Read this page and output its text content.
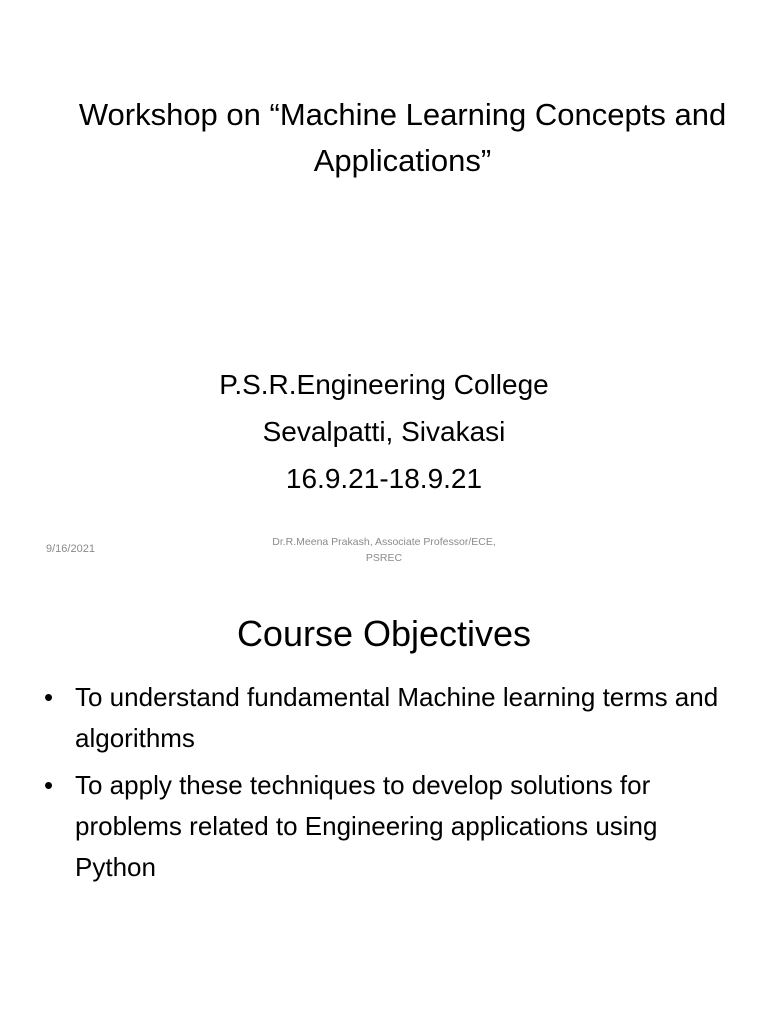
Workshop on “Machine Learning Concepts and Applications”
P.S.R.Engineering College
Sevalpatti, Sivakasi
16.9.21-18.9.21
9/16/2021
Dr.R.Meena Prakash, Associate Professor/ECE, PSREC
Course Objectives
• To understand fundamental Machine learning terms and algorithms
• To apply these techniques to develop solutions for problems related to Engineering applications using Python
